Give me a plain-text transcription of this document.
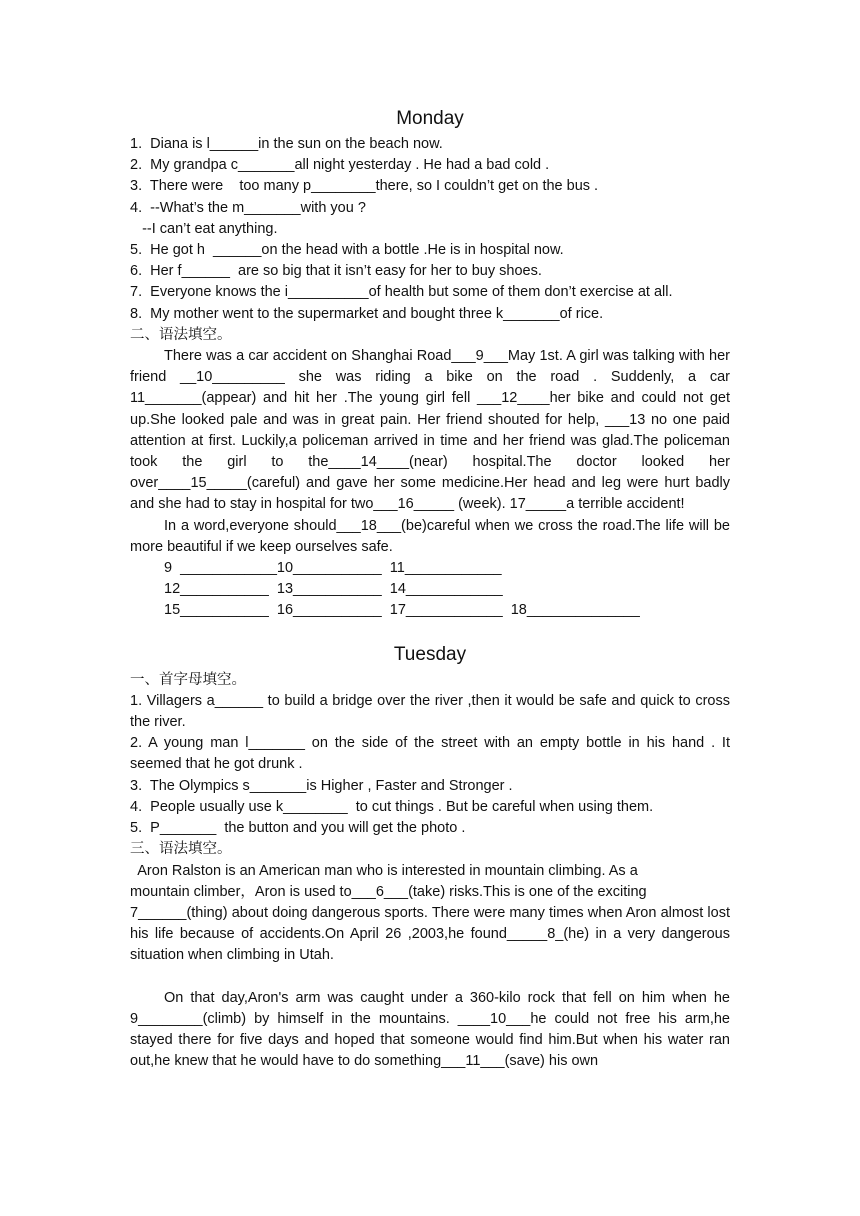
Monday
1.  Diana is l______in the sun on the beach now.
2.  My grandpa c_______all night yesterday . He had a bad cold .
3.  There were    too many p________there, so I couldn’t get on the bus .
4.  --What’s the m_______with you ?
--I can’t eat anything.
5.  He got h  ______on the head with a bottle .He is in hospital now.
6.  Her f______  are so big that it isn’t easy for her to buy shoes.
7.  Everyone knows the i__________of health but some of them don’t exercise at all.
8.  My mother went to the supermarket and bought three k_______of rice.
二、语法填空。

There was a car accident on Shanghai Road___9___May 1st. A girl was talking with her friend __10_________ she was riding a bike on the road . Suddenly, a car 11_______(appear) and hit her .The young girl fell ___12____her bike and could not get up.She looked pale and was in great pain. Her friend shouted for help, ___13 no one paid attention at first. Luckily,a policeman arrived in time and her friend was glad.The policeman took the girl to the____14____(near) hospital.The doctor looked her over____15_____(careful) and gave her some medicine.Her head and leg were hurt badly and she had to stay in hospital for two___16_____ (week). 17_____a terrible accident!

In a word,everyone should___18___(be)careful when we cross the road.The life will be more beautiful if we keep ourselves safe.

9  ____________10___________  11____________
12___________  13___________  14____________
15___________  16___________  17____________  18______________
Tuesday
一、首字母填空。

1. Villagers a______ to build a bridge over the river ,then it would be safe and quick to cross the river.

2. A young man l_______ on the side of the street with an empty bottle in his hand . It seemed that he got drunk .

3.  The Olympics s_______is Higher , Faster and Stronger .
4.  People usually use k________  to cut things . But be careful when using them.
5.  P_______  the button and you will get the photo .
三、语法填空。
Aron Ralston is an American man who is interested in mountain climbing. As a
mountain climber，Aron is used to___6___(take) risks.This is one of the exciting

7______(thing) about doing dangerous sports. There were many times when Aron almost lost his life because of accidents.On April 26 ,2003,he found_____8_(he) in a very dangerous situation when climbing in Utah.

On that day,Aron's arm was caught under a 360-kilo rock that fell on him when he 9________(climb) by himself in the mountains. ____10___he could not free his arm,he stayed there for five days and hoped that someone would find him.But when his water ran out,he knew that he would have to do something___11___(save) his own
